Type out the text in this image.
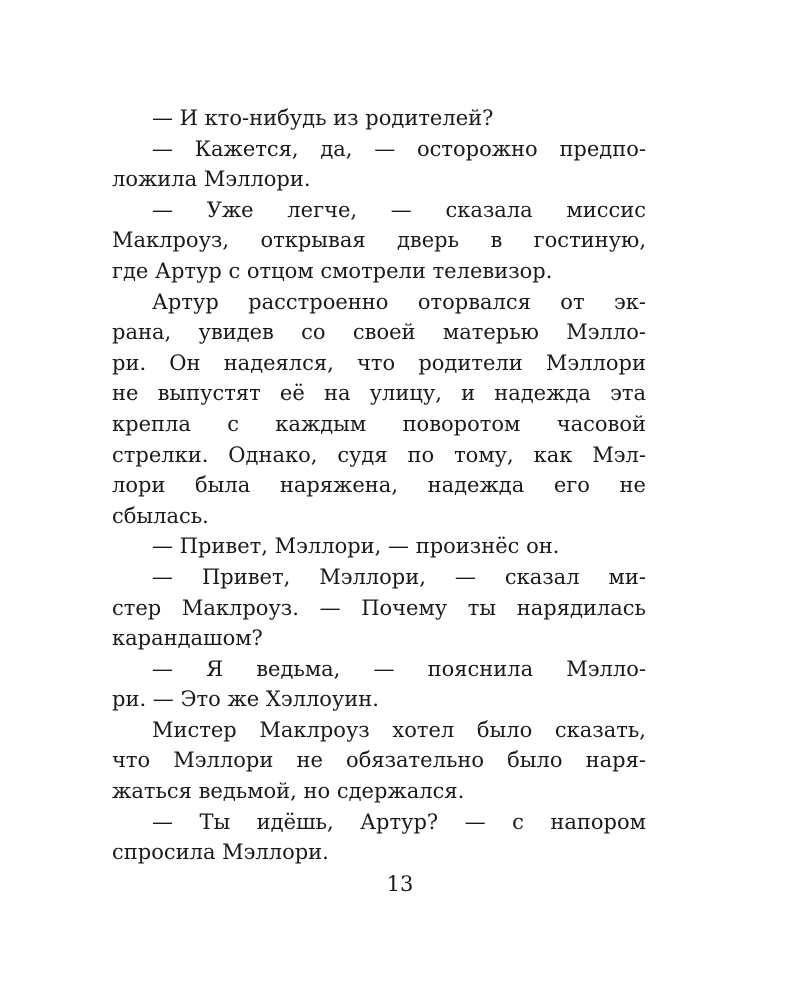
— И кто-нибудь из родителей?
— Кажется, да, — осторожно предпо-
ложила Мэллори.
— Уже легче, — сказала миссис
Маклроуз, открывая дверь в гостиную,
где Артур с отцом смотрели телевизор.
Артур расстроенно оторвался от эк-
рана, увидев со своей матерью Мэлло-
ри. Он надеялся, что родители Мэллори
не выпустят её на улицу, и надежда эта
крепла с каждым поворотом часовой
стрелки. Однако, судя по тому, как Мэл-
лори была наряжена, надежда его не
сбылась.
— Привет, Мэллори, — произнёс он.
— Привет, Мэллори, — сказал ми-
стер Маклроуз. — Почему ты нарядилась
карандашом?
— Я ведьма, — пояснила Мэлло-
ри. — Это же Хэллоуин.
Мистер Маклроуз хотел было сказать,
что Мэллори не обязательно было наря-
жаться ведьмой, но сдержался.
— Ты идёшь, Артур? — с напором
спросила Мэллори.
13
